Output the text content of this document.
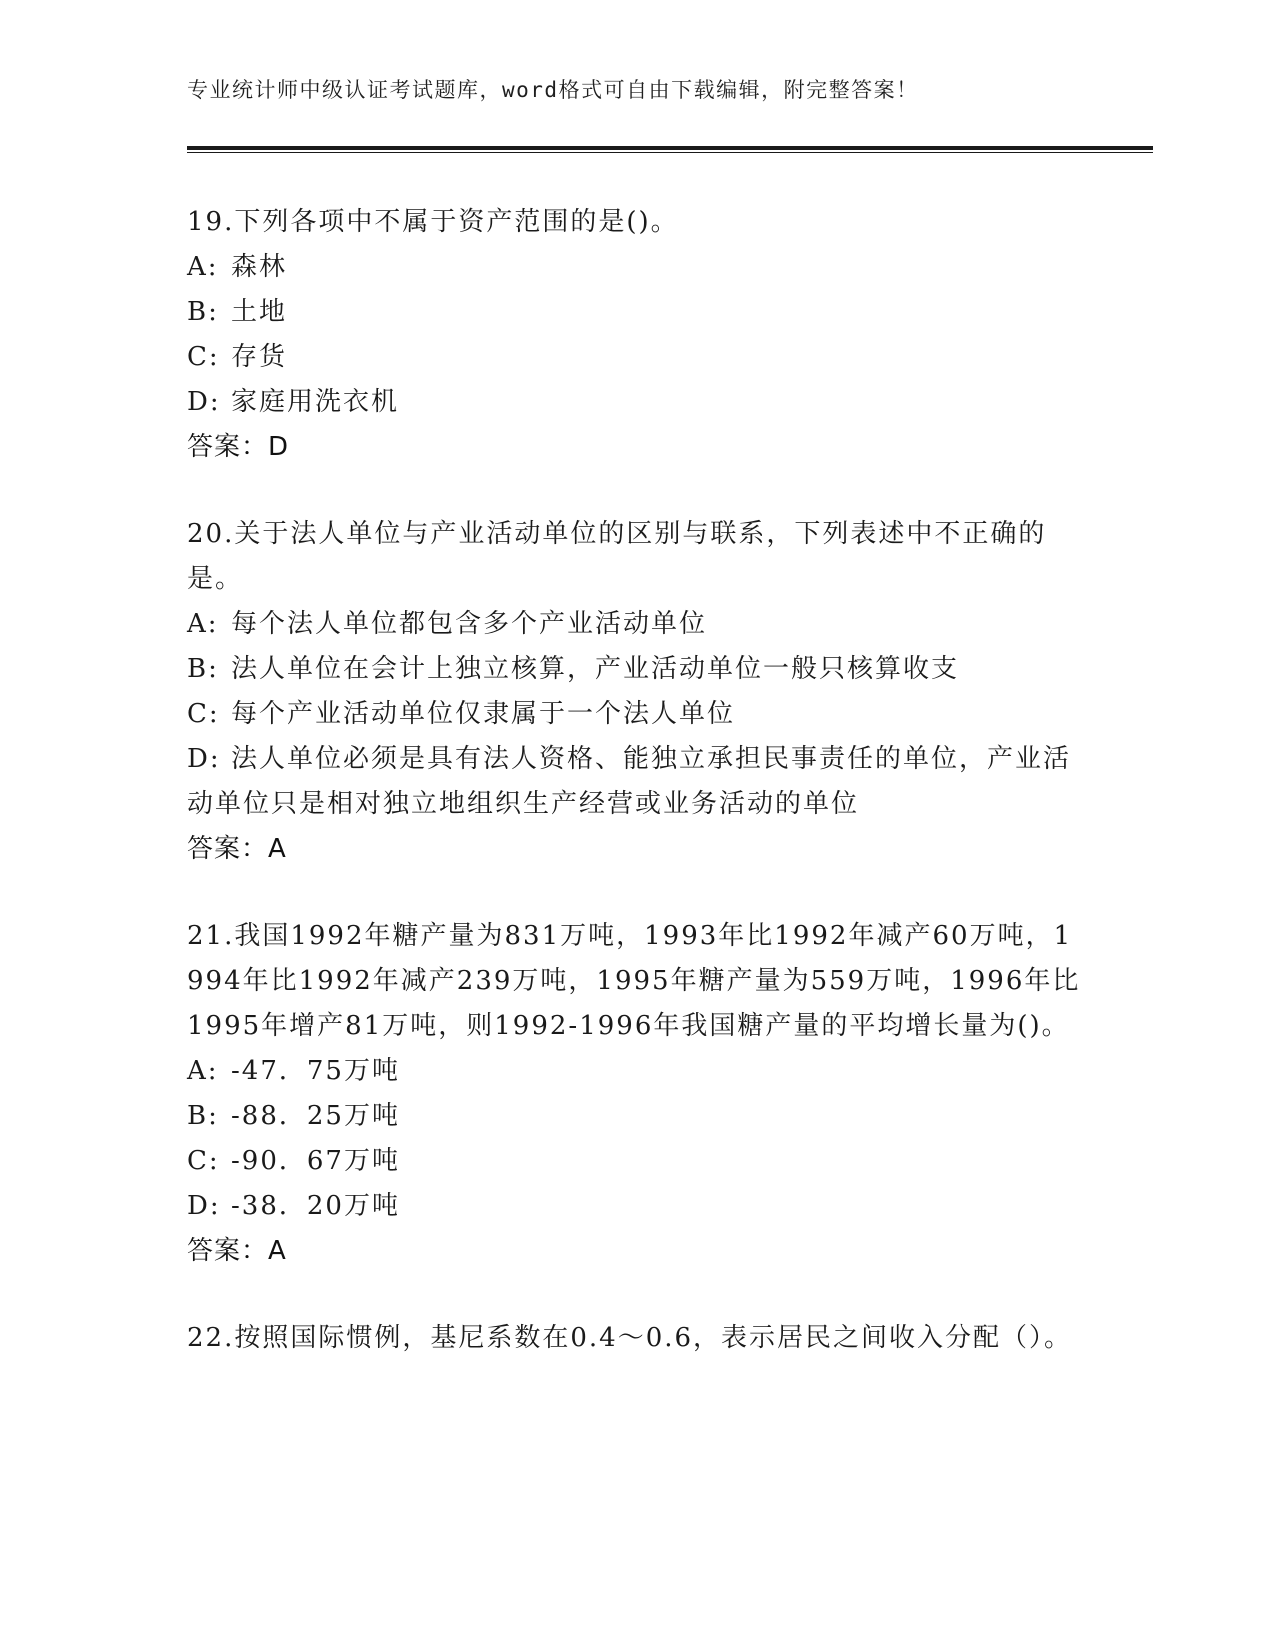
专业统计师中级认证考试题库，word格式可自由下载编辑，附完整答案！

19.下列各项中不属于资产范围的是()。

A: 森林

B: 土地

C: 存货

D: 家庭用洗衣机

答案：D

20.关于法人单位与产业活动单位的区别与联系，下列表述中不正确的是。

A: 每个法人单位都包含多个产业活动单位

B: 法人单位在会计上独立核算，产业活动单位一般只核算收支

C: 每个产业活动单位仅隶属于一个法人单位

D: 法人单位必须是具有法人资格、能独立承担民事责任的单位，产业活动单位只是相对独立地组织生产经营或业务活动的单位

答案：A

21.我国1992年糖产量为831万吨，1993年比1992年减产60万吨，1994年比1992年减产239万吨，1995年糖产量为559万吨，1996年比1995年增产81万吨，则1992-1996年我国糖产量的平均增长量为()。

A: -47．75万吨

B: -88．25万吨

C: -90．67万吨

D: -38．20万吨

答案：A

22.按照国际惯例，基尼系数在0.4～0.6，表示居民之间收入分配（）。
